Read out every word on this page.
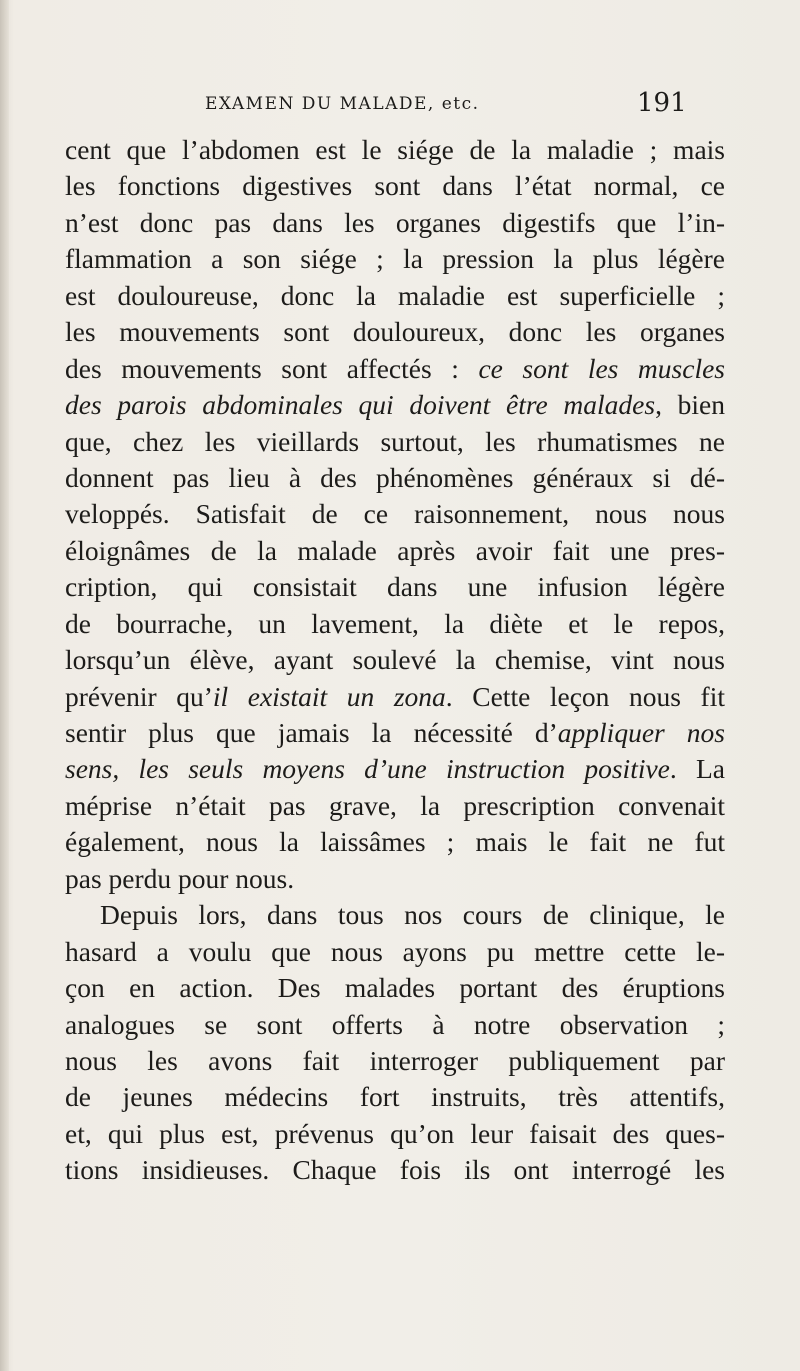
EXAMEN DU MALADE, etc.	191
cent que l’abdomen est le siége de la maladie ; mais
les fonctions digestives sont dans l’état normal, ce
n’est donc pas dans les organes digestifs que l’in-
flammation a son siége ; la pression la plus légère
est douloureuse, donc la maladie est superficielle ;
les mouvements sont douloureux, donc les organes
des mouvements sont affectés : ce sont les muscles
des parois abdominales qui doivent être malades, bien
que, chez les vieillards surtout, les rhumatismes ne
donnent pas lieu à des phénomènes généraux si dé-
veloppés. Satisfait de ce raisonnement, nous nous
éloignâmes de la malade après avoir fait une pres-
cription, qui consistait dans une infusion légère
de bourrache, un lavement, la diète et le repos,
lorsqu’un élève, ayant soulevé la chemise, vint nous
prévenir qu’il existait un zona. Cette leçon nous fit
sentir plus que jamais la nécessité d’appliquer nos
sens, les seuls moyens d’une instruction positive. La
méprise n’était pas grave, la prescription convenait
également, nous la laissâmes ; mais le fait ne fut
pas perdu pour nous.
Depuis lors, dans tous nos cours de clinique, le
hasard a voulu que nous ayons pu mettre cette le-
çon en action. Des malades portant des éruptions
analogues se sont offerts à notre observation ;
nous les avons fait interroger publiquement par
de jeunes médecins fort instruits, très attentifs,
et, qui plus est, prévenus qu’on leur faisait des ques-
tions insidieuses. Chaque fois ils ont interrogé les
